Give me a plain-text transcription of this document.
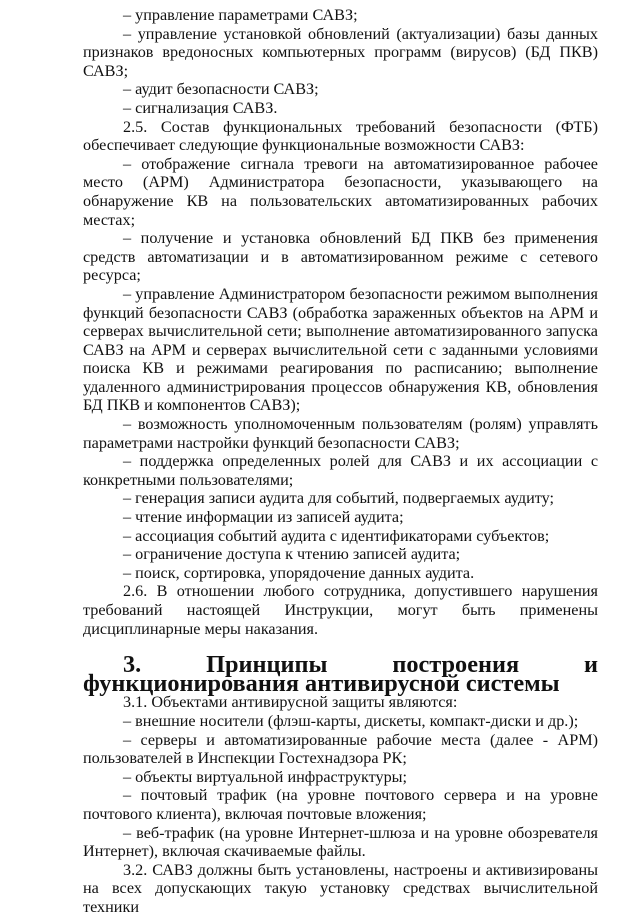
– управление параметрами САВЗ;

– управление установкой обновлений (актуализации) базы данных признаков вредоносных компьютерных программ (вирусов) (БД ПКВ) САВЗ;

– аудит безопасности САВЗ;

– сигнализация САВЗ.

2.5. Состав функциональных требований безопасности (ФТБ) обеспечивает следующие функциональные возможности САВЗ:

– отображение сигнала тревоги на автоматизированное рабочее место (АРМ) Администратора безопасности, указывающего на обнаружение КВ на пользовательских автоматизированных рабочих местах;

– получение и установка обновлений БД ПКВ без применения средств автоматизации и в автоматизированном режиме с сетевого ресурса;

– управление Администратором безопасности режимом выполнения функций безопасности САВЗ (обработка зараженных объектов на АРМ и серверах вычислительной сети; выполнение автоматизированного запуска САВЗ на АРМ и серверах вычислительной сети с заданными условиями поиска КВ и режимами реагирования по расписанию; выполнение удаленного администрирования процессов обнаружения КВ, обновления БД ПКВ и компонентов САВЗ);

– возможность уполномоченным пользователям (ролям) управлять параметрами настройки функций безопасности САВЗ;

– поддержка определенных ролей для САВЗ и их ассоциации с конкретными пользователями;

– генерация записи аудита для событий, подвергаемых аудиту;

– чтение информации из записей аудита;

– ассоциация событий аудита с идентификаторами субъектов;

– ограничение доступа к чтению записей аудита;

– поиск, сортировка, упорядочение данных аудита.

2.6. В отношении любого сотрудника, допустившего нарушения требований настоящей Инструкции, могут быть применены дисциплинарные меры наказания.

3. Принципы построения и функционирования антивирусной системы

3.1. Объектами антивирусной защиты являются:

– внешние носители (флэш-карты, дискеты, компакт-диски и др.);

– серверы и автоматизированные рабочие места (далее - АРМ) пользователей в Инспекции Гостехнадзора РК;

– объекты виртуальной инфраструктуры;

– почтовый трафик (на уровне почтового сервера и на уровне почтового клиента), включая почтовые вложения;

– веб-трафик (на уровне Интернет-шлюза и на уровне обозревателя Интернет), включая скачиваемые файлы.

3.2. САВЗ должны быть установлены, настроены и активизированы на всех допускающих такую установку средствах вычислительной техники
